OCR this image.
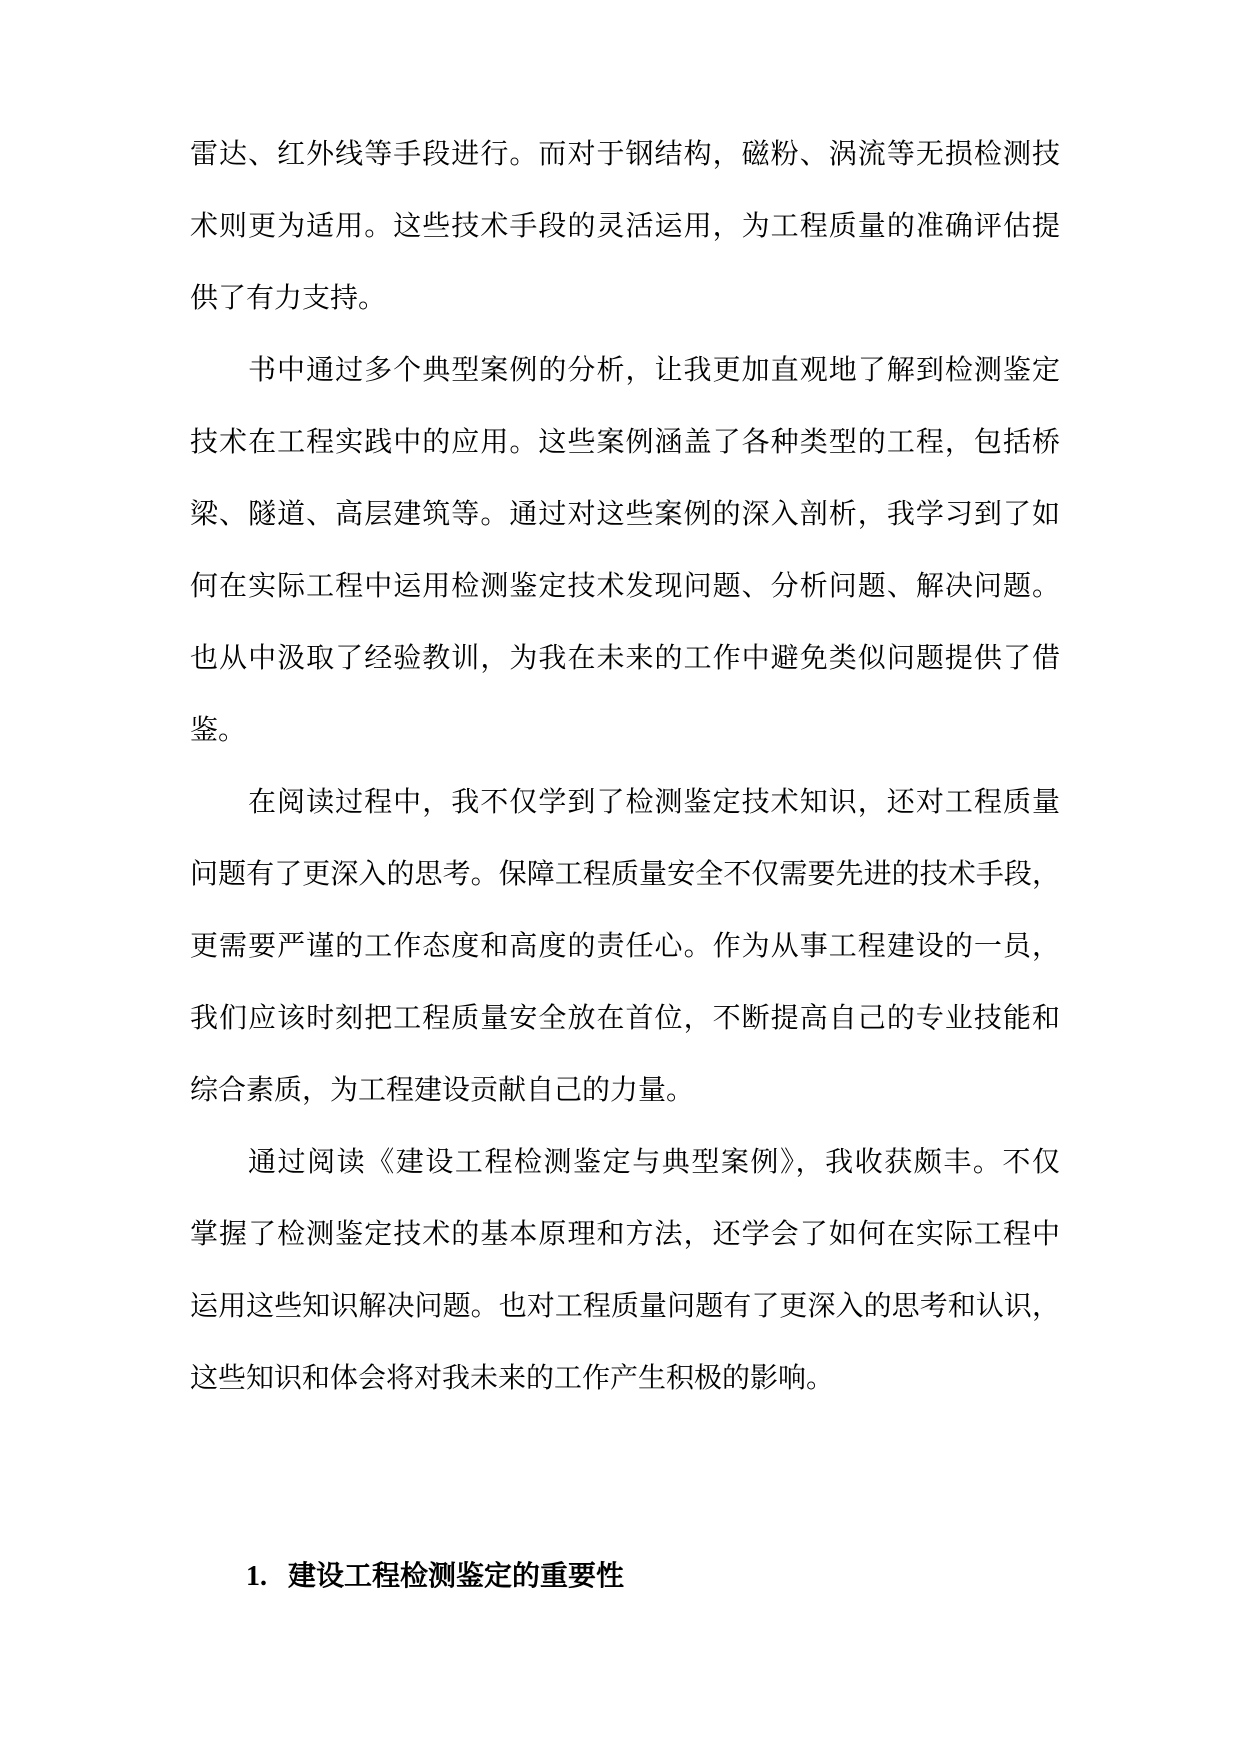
雷达、红外线等手段进行。而对于钢结构，磁粉、涡流等无损检测技
术则更为适用。这些技术手段的灵活运用，为工程质量的准确评估提
供了有力支持。
书中通过多个典型案例的分析，让我更加直观地了解到检测鉴定
技术在工程实践中的应用。这些案例涵盖了各种类型的工程，包括桥
梁、隧道、高层建筑等。通过对这些案例的深入剖析，我学习到了如
何在实际工程中运用检测鉴定技术发现问题、分析问题、解决问题。
也从中汲取了经验教训，为我在未来的工作中避免类似问题提供了借
鉴。
在阅读过程中，我不仅学到了检测鉴定技术知识，还对工程质量
问题有了更深入的思考。保障工程质量安全不仅需要先进的技术手段，
更需要严谨的工作态度和高度的责任心。作为从事工程建设的一员，
我们应该时刻把工程质量安全放在首位，不断提高自己的专业技能和
综合素质，为工程建设贡献自己的力量。
通过阅读《建设工程检测鉴定与典型案例》，我收获颇丰。不仅
掌握了检测鉴定技术的基本原理和方法，还学会了如何在实际工程中
运用这些知识解决问题。也对工程质量问题有了更深入的思考和认识，
这些知识和体会将对我未来的工作产生积极的影响。
1. 建设工程检测鉴定的重要性
